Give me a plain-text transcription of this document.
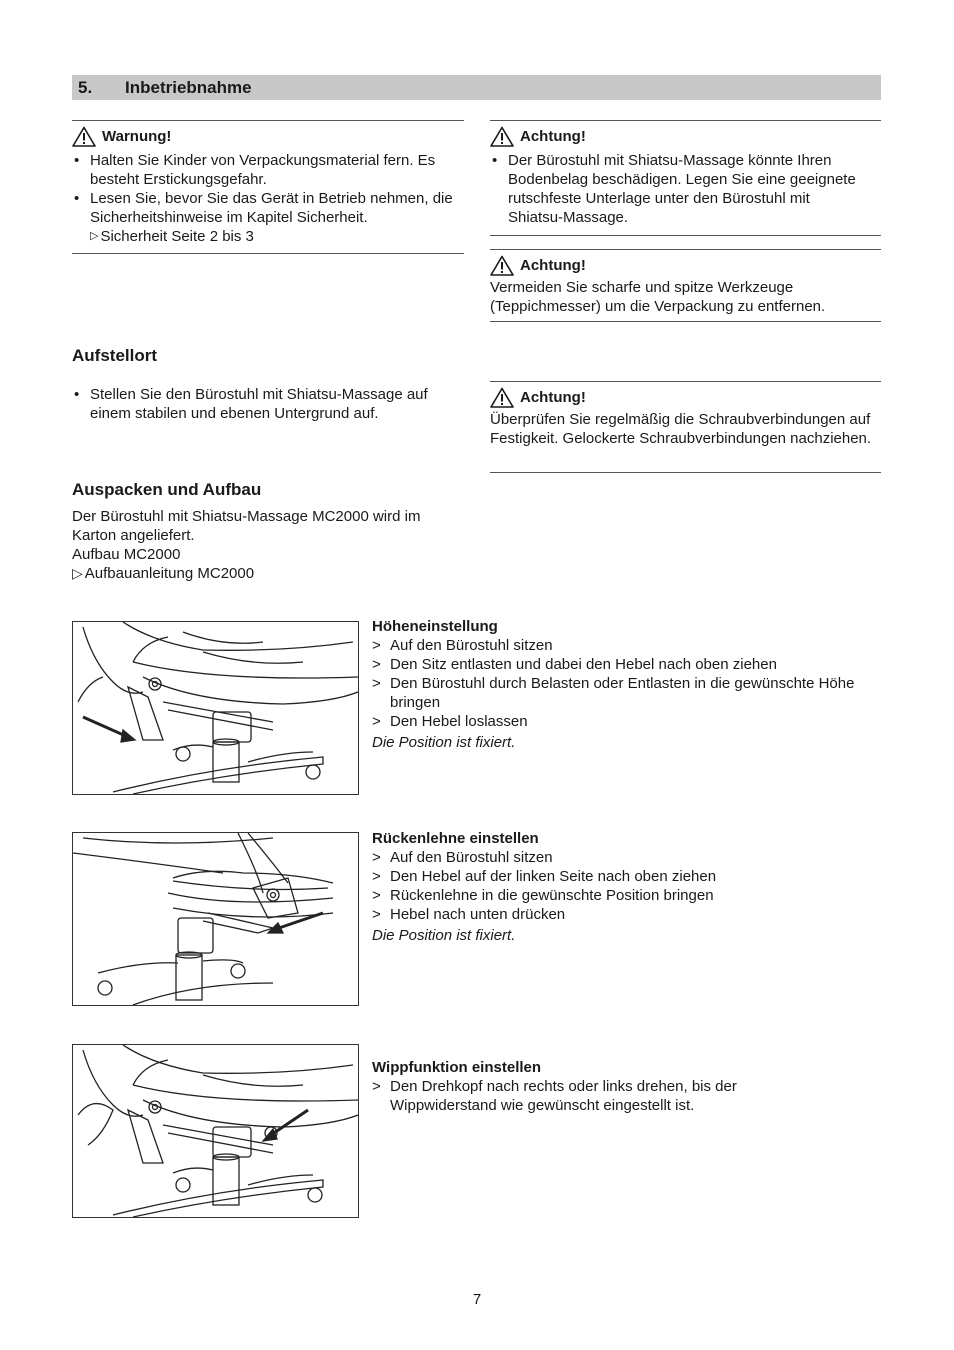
5. Inbetriebnahme
Warnung!
• Halten Sie Kinder von Verpackungsmaterial fern. Es besteht Erstickungsgefahr.
• Lesen Sie, bevor Sie das Gerät in Betrieb nehmen, die Sicherheitshinweise im Kapitel Sicherheit.
▷ Sicherheit Seite 2 bis 3
Achtung!
• Der Bürostuhl mit Shiatsu-Massage könnte Ihren Bodenbelag beschädigen. Legen Sie eine geeignete rutschfeste Unterlage unter den Bürostuhl mit Shiatsu-Massage.
Achtung!
Vermeiden Sie scharfe und spitze Werkzeuge (Teppichmesser) um die Verpackung zu entfernen.
Achtung!
Überprüfen Sie regelmäßig die Schraubverbindungen auf Festigkeit. Gelockerte Schraubverbindungen nachziehen.
Aufstellort
• Stellen Sie den Bürostuhl mit Shiatsu-Massage auf einem stabilen und ebenen Untergrund auf.
Auspacken und Aufbau
Der Bürostuhl mit Shiatsu-Massage MC2000 wird im Karton angeliefert.
Aufbau MC2000
▷ Aufbauanleitung MC2000
Höheneinstellung
> Auf den Bürostuhl sitzen
> Den Sitz entlasten und dabei den Hebel nach oben ziehen
> Den Bürostuhl durch Belasten oder Entlasten in die gewünschte Höhe bringen
> Den Hebel loslassen
Die Position ist fixiert.
Rückenlehne einstellen
> Auf den Bürostuhl sitzen
> Den Hebel auf der linken Seite nach oben ziehen
> Rückenlehne in die gewünschte Position bringen
> Hebel nach unten drücken
Die Position ist fixiert.
Wippfunktion einstellen
> Den Drehkopf nach rechts oder links drehen, bis der Wippwiderstand wie gewünscht eingestellt ist.
7
